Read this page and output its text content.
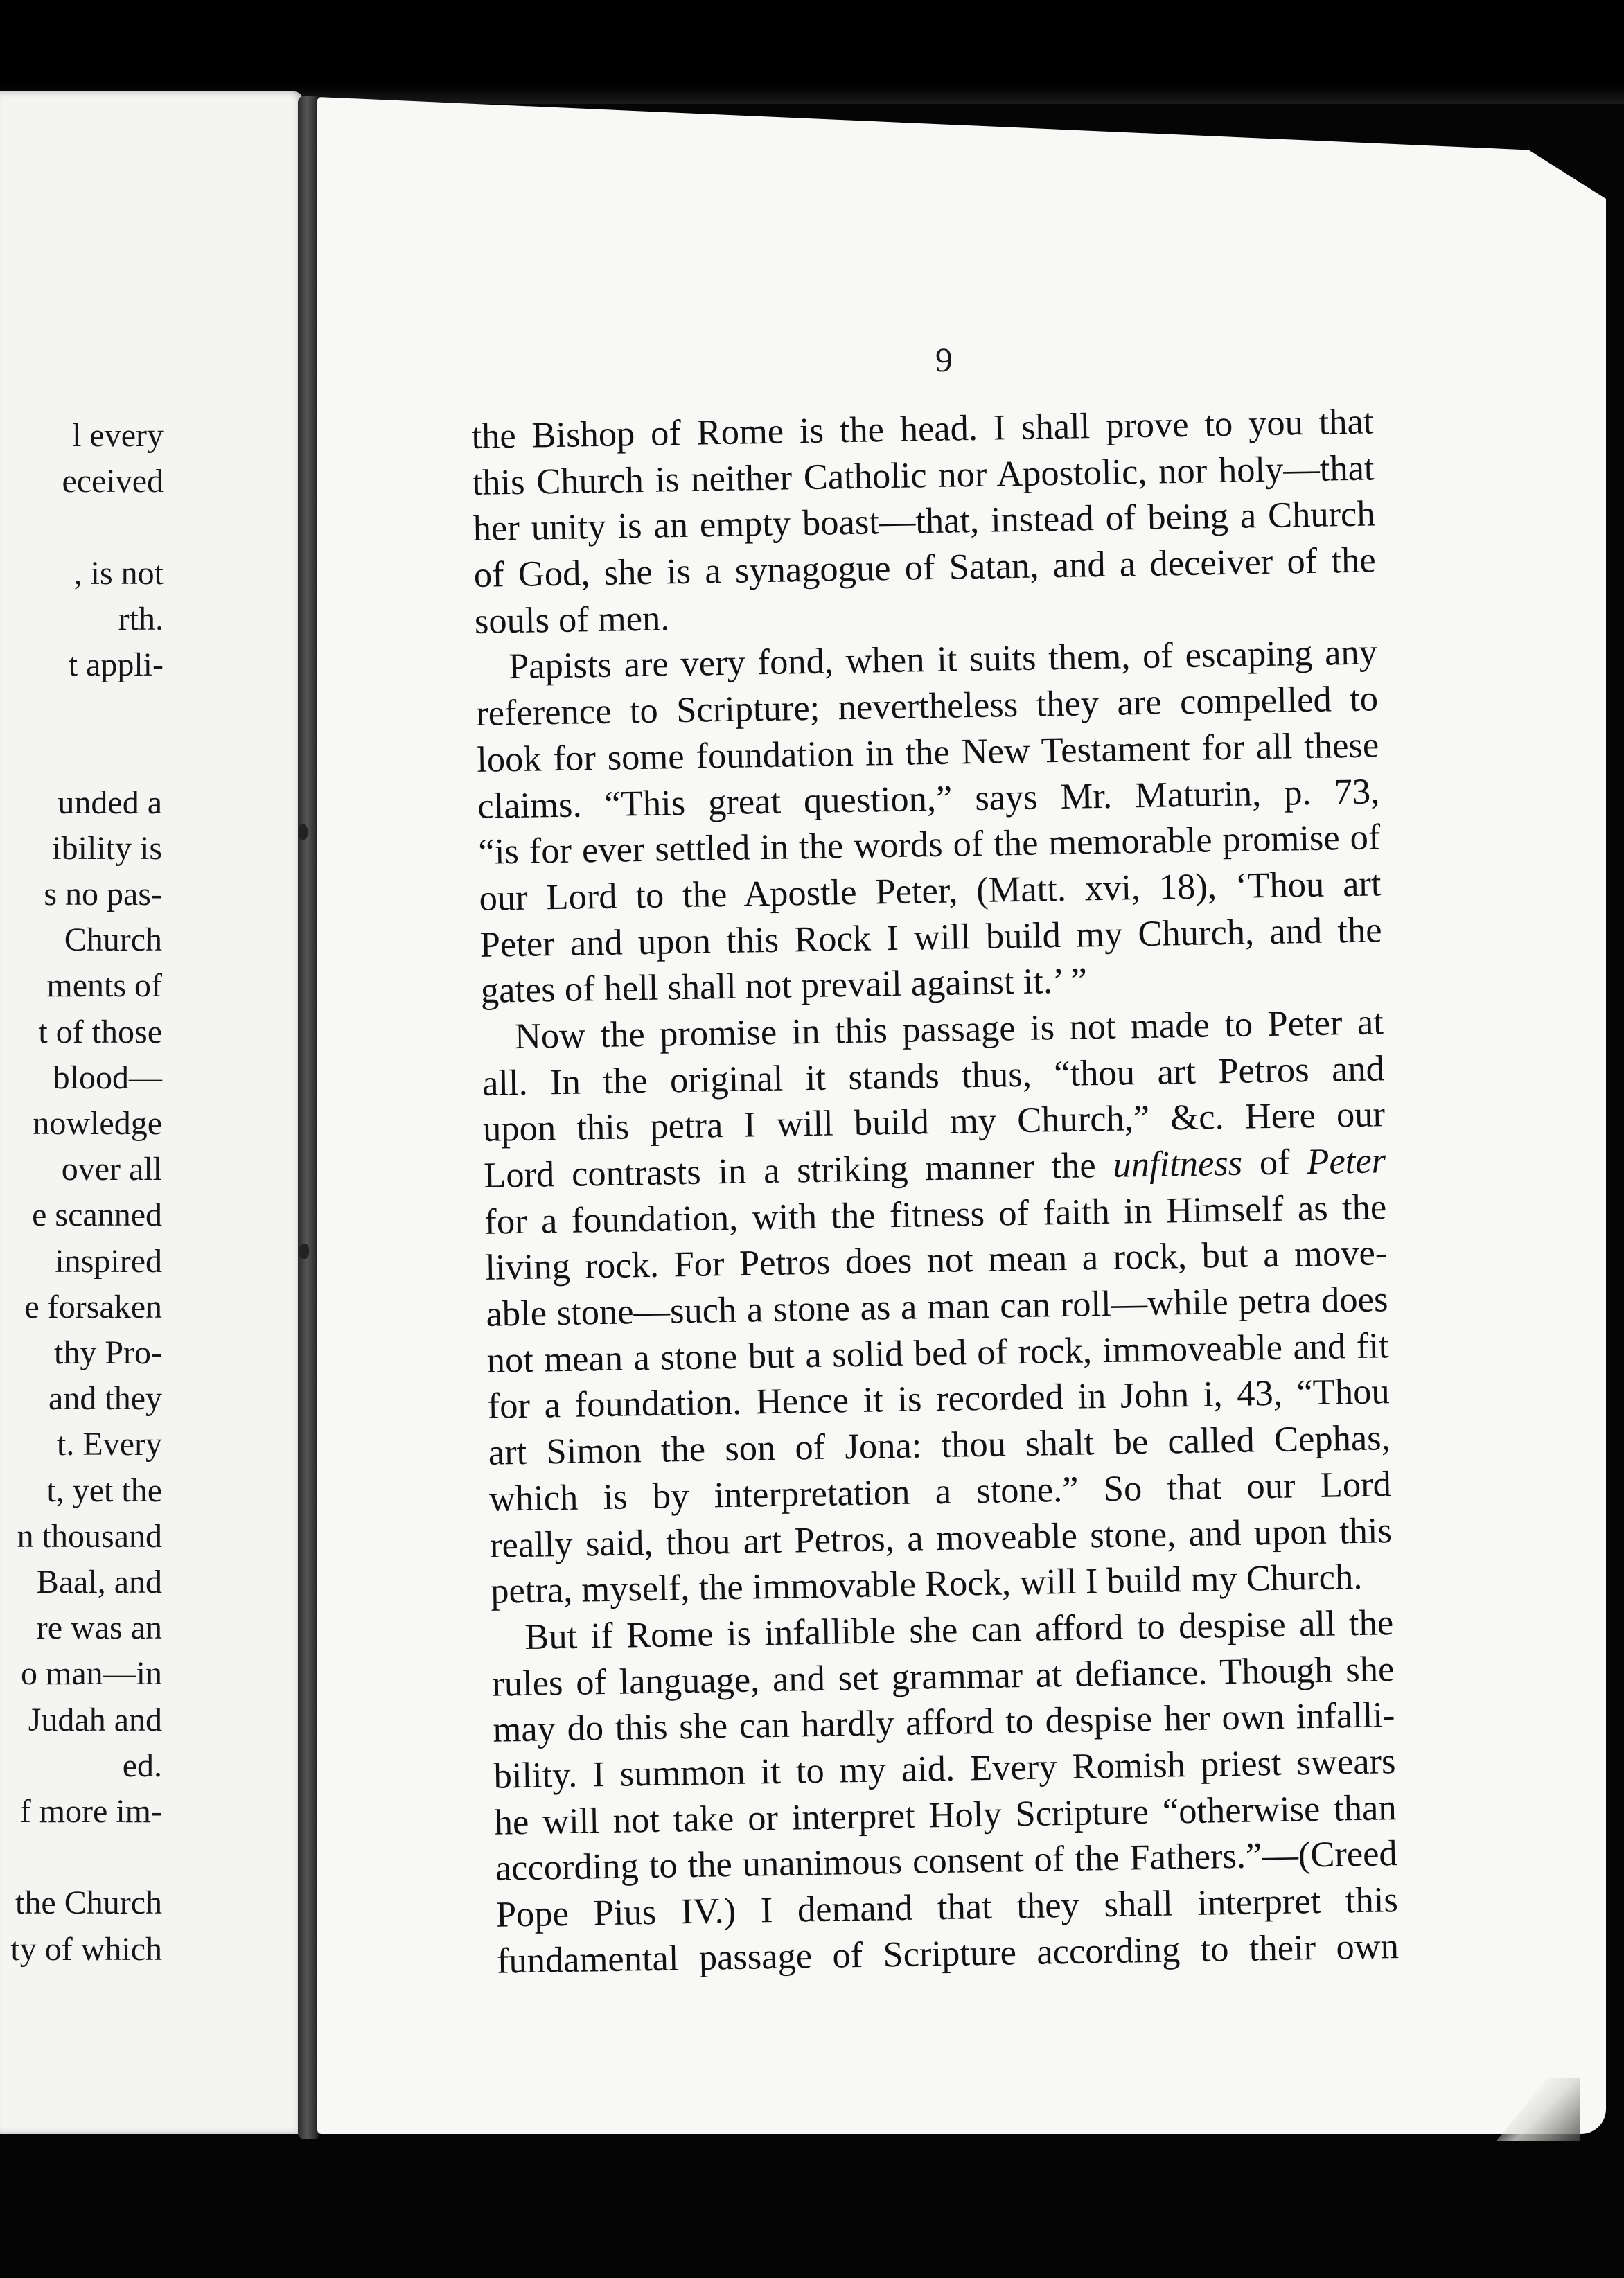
l every
eceived
, is not
rth.
t appli-
unded a
ibility is
s no pas-
Church
ments of
t of those
blood—
nowledge
over all
e scanned
inspired
e forsaken
thy Pro-
and they
t. Every
t, yet the
n thousand
Baal, and
re was an
o man—in
Judah and
ed.
f more im-
the Church
ty of which
9
the Bishop of Rome is the head. I shall prove to you that
this Church is neither Catholic nor Apostolic, nor holy—that
her unity is an empty boast—that, instead of being a Church
of God, she is a synagogue of Satan, and a deceiver of the
souls of men.
Papists are very fond, when it suits them, of escaping any
reference to Scripture; nevertheless they are compelled to
look for some foundation in the New Testament for all these
claims. “This great question,” says Mr. Maturin, p. 73,
“is for ever settled in the words of the memorable promise of
our Lord to the Apostle Peter, (Matt. xvi, 18), ‘Thou art
Peter and upon this Rock I will build my Church, and the
gates of hell shall not prevail against it.’ ”
Now the promise in this passage is not made to Peter at
all. In the original it stands thus, “thou art Petros and
upon this petra I will build my Church,” &c. Here our
Lord contrasts in a striking manner the unfitness of Peter
for a foundation, with the fitness of faith in Himself as the
living rock. For Petros does not mean a rock, but a move-
able stone—such a stone as a man can roll—while petra does
not mean a stone but a solid bed of rock, immoveable and fit
for a foundation. Hence it is recorded in John i, 43, “Thou
art Simon the son of Jona: thou shalt be called Cephas,
which is by interpretation a stone.” So that our Lord
really said, thou art Petros, a moveable stone, and upon this
petra, myself, the immovable Rock, will I build my Church.
But if Rome is infallible she can afford to despise all the
rules of language, and set grammar at defiance. Though she
may do this she can hardly afford to despise her own infalli-
bility. I summon it to my aid. Every Romish priest swears
he will not take or interpret Holy Scripture “otherwise than
according to the unanimous consent of the Fathers.”—(Creed
Pope Pius IV.) I demand that they shall interpret this
fundamental passage of Scripture according to their own
